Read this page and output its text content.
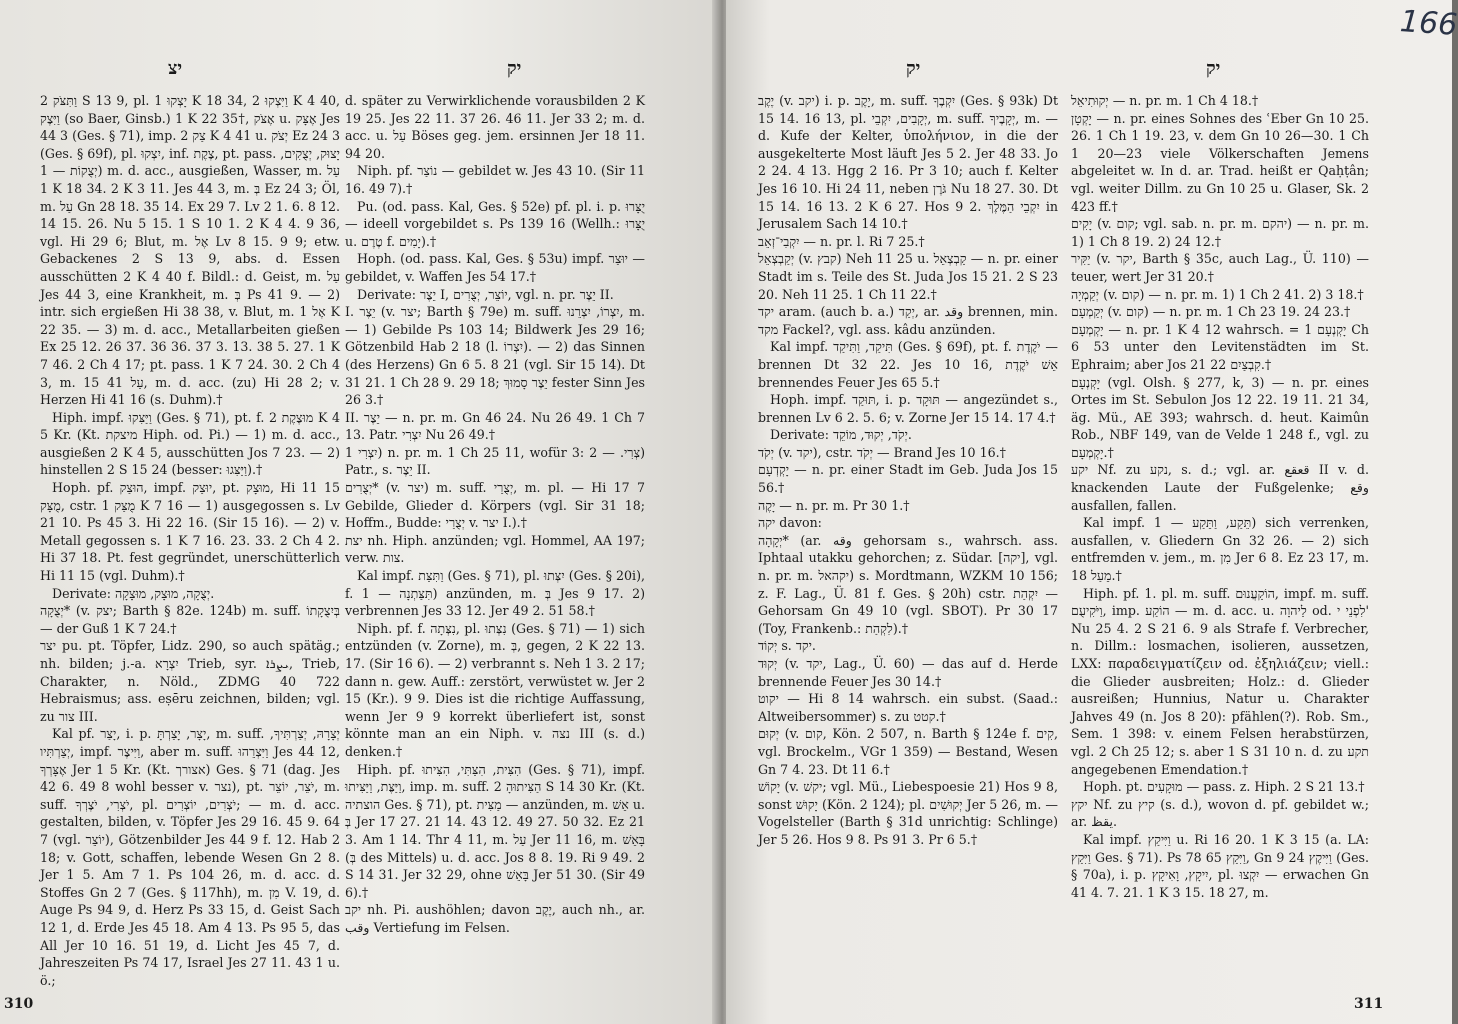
יצ	יק

וַתִּצֹּק 2 S 13 9, pl. יָצְקוּ 1 K 18 34, וַיִּצְקוּ 2 K 4 40, וַיִּצֶק (so Baer, Ginsb.) 1 K 22 35†, אֶצֹּק u. אֶצָּק Jes 44 3 (Ges. § 71), imp. צַק 2 K 4 41 u. יְצֹק Ez 24 3 (Ges. § 69f), pl. יִצְקוּ, inf. צֶקֶת, pt. pass. יָצוּק, יְצֻקִים, יְצֻקוֹת — 1) m. d. acc., ausgießen, Wasser, m. עַל 1 K 18 34. 2 K 3 11. Jes 44 3, m. בְּ Ez 24 3; Öl, m. עַל Gn 28 18. 35 14. Ex 29 7. Lv 2 1. 6. 8 12. 14 15. 26. Nu 5 15. 1 S 10 1. 2 K 4 4. 9 36, vgl. Hi 29 6; Blut, m. אֶל Lv 8 15. 9 9; etw. Gebackenes 2 S 13 9, abs. d. Essen ausschütten 2 K 4 40 f. Bildl.: d. Geist, m. עַל Jes 44 3, eine Krankheit, m. בְּ Ps 41 9. — 2) intr. sich ergießen Hi 38 38, v. Blut, m. אֶל 1 K 22 35. — 3) m. d. acc., Metallarbeiten gießen Ex 25 12. 26 37. 36 36. 37 3. 13. 38 5. 27. 1 K 7 46. 2 Ch 4 17; pt. pass. 1 K 7 24. 30. 2 Ch 4 3, m. עַל 41 15, m. d. acc. (zu) Hi 28 2; v. Herzen Hi 41 16 (s. Duhm).†

Hiph. impf. וַיַּצִּקוּ (Ges. § 71), pt. f. מוּצֶקֶת 2 K 4 5 Kr. (Kt. מיצקת Hiph. od. Pi.) — 1) m. d. acc., ausgießen 2 K 4 5, ausschütten Jos 7 23. — 2) hinstellen 2 S 15 24 (besser: וַיַּצִּגוּ).†

Hoph. pf. הוּצַק, impf. יוּצַק, pt. מוּצָק, Hi 11 15 מֻצָּק, cstr. מֻצַּק 1 K 7 16 — 1) ausgegossen s. Lv 21 10. Ps 45 3. Hi 22 16. (Sir 15 16). — 2) v. Metall gegossen s. 1 K 7 16. 23. 33. 2 Ch 4 2. Hi 37 18. Pt. fest gegründet, unerschütterlich Hi 11 15 (vgl. Duhm).†

Derivate: יְצֻקָה, מוּצָק, מוּצָקָה.

יְצֻקָה* (v. יצק; Barth § 82e. 124b) m. suff. בְּיִצֻקָתוֹ — der Guß 1 K 7 24.†

יצר pu. pt. Töpfer, Lidz. 290, so auch spätäg.; nh. bilden; j.-a. יִצְרָא Trieb, syr. ܝܨܪܐ, Trieb, Charakter, n. Nöld., ZDMG 40 722 Hebraismus; ass. eṣēru zeichnen, bilden; vgl. zu צור III.

Kal pf. יָצַר, i. p. יָצָר, יָצַרְתָּ, m. suff. יְצָרָהּ, יְצַרְתִּיךָ, יְצַרְתִּיו, impf. וַיִּיצֶר, aber m. suff. וַיִּצְרֵהוּ Jes 44 12, אֶצָּרְךָ Jer 1 5 Kr. (Kt. אצורך) Ges. § 71 (dag. Jes 42 6. 49 8 wohl besser v. נצר), pt. יֹצֵר, יוֹצֵר, m. suff. יֹצְרִי, יֹצֶרְךָ, pl. יֹצְרִים, יוֹצְרִים; — m. d. acc. gestalten, bilden, v. Töpfer Jes 29 16. 45 9. 64 7 (vgl. יוֹצֵר), Götzenbilder Jes 44 9 f. 12. Hab 2 18; v. Gott, schaffen, lebende Wesen Gn 2 8. Jer 1 5. Am 7 1. Ps 104 26, m. d. acc. d. Stoffes Gn 2 7 (Ges. § 117hh), m. מִן V. 19, d. Auge Ps 94 9, d. Herz Ps 33 15, d. Geist Sach 12 1, d. Erde Jes 45 18. Am 4 13. Ps 95 5, das All Jer 10 16. 51 19, d. Licht Jes 45 7, d. Jahreszeiten Ps 74 17, Israel Jes 27 11. 43 1 u. ö.;

d. später zu Verwirklichende vorausbilden 2 K 19 25. Jes 22 11. 37 26. 46 11. Jer 33 2; m. d. acc. u. עַל Böses geg. jem. ersinnen Jer 18 11. 94 20.

Niph. pf. נוֹצַר — gebildet w. Jes 43 10. (Sir 11 16. 49 7).†

Pu. (od. pass. Kal, Ges. § 52e) pf. pl. i. p. יֻצָּרוּ — ideell vorgebildet s. Ps 139 16 (Wellh.: יֻצָּרוּ u. טֶרֶם f. יָמִים).†

Hoph. (od. pass. Kal, Ges. § 53u) impf. יוּצַר — gebildet, v. Waffen Jes 54 17.†

Derivate: יֵצֶר I, יוֹצֵר, יְצֻרִים, vgl. n. pr. יֵצֶר II.

I. יֵצֶר (v. יצר; Barth § 79e) m. suff. יִצְרוֹ, יִצְרֵנוּ, m. — 1) Gebilde Ps 103 14; Bildwerk Jes 29 16; Götzenbild Hab 2 18 (l. יִצְרוֹ). — 2) das Sinnen (des Herzens) Gn 6 5. 8 21 (vgl. Sir 15 14). Dt 31 21. 1 Ch 28 9. 29 18; יֵצֶר סָמוּךְ fester Sinn Jes 26 3.†

II. יֵצֶר — n. pr. m. Gn 46 24. Nu 26 49. 1 Ch 7 13. Patr. יִצְרִי Nu 26 49.†

יִצְרִי 1) n. pr. m. 1 Ch 25 11, wofür 3: צְרִי. — 2) Patr., s. יֵצֶר II.

יְצֻרִים* (v. יצר) m. suff. יְצֻרַי, m. pl. — Hi 17 7 Gebilde, Glieder d. Körpers (vgl. Sir 31 18; Hoffm., Budde: יְצֻרַי v. יצר I.).†

יצת nh. Hiph. anzünden; vgl. Hommel, AA 197; verw. צות.

Kal impf. וַתִּצַּת (Ges. § 71), pl. יִצְּתוּ (Ges. § 20i), f. תִּצַּתְנָה — 1) anzünden, m. בְּ Jes 9 17. 2) verbrennen Jes 33 12. Jer 49 2. 51 58.†

Niph. pf. f. נִצְּתָה, pl. נִצְּתוּ (Ges. § 71) — 1) sich entzünden (v. Zorne), m. בְּ, gegen, 2 K 22 13. 17. (Sir 16 6). — 2) verbrannt s. Neh 1 3. 2 17; dann n. gew. Auff.: zerstört, verwüstet w. Jer 2 15 (Kr.). 9 9. Dies ist die richtige Auffassung, wenn Jer 9 9 korrekt überliefert ist, sonst könnte man an ein Niph. v. נצה III (s. d.) denken.†

Hiph. pf. הִצִּית, הִצַּתִּי, הִצִּיתוּ (Ges. § 71), impf. וַיַּצֶּת, וַיַּצִּיתוּ, imp. m. suff. הַצִּיתוּהָ 2 S 14 30 Kr. (Kt. הוצתיה Ges. § 71), pt. מַצִּית — anzünden, m. אֵשׁ u. בְּ Jer 17 27. 21 14. 43 12. 49 27. 50 32. Ez 21 3. Am 1 14. Thr 4 11, m. עַל Jer 11 16, m. בָּאֵשׁ (בְּ des Mittels) u. d. acc. Jos 8 8. 19. Ri 9 49. 2 S 14 31. Jer 32 29, ohne בָּאֵשׁ Jer 51 30. (Sir 49 6).†

יקב nh. Pi. aushöhlen; davon יֶקֶב, auch nh., ar. وقب Vertiefung im Felsen.

310
יק	יק

יֶקֶב (v. יקב) i. p. יָקֶב, m. suff. יִקְבֶךָ (Ges. § 93k) Dt 15 14. 16 13, pl. יְקָבִים, יִקְבֵי, m. suff. יְקָבֶיךָ, m. — d. Kufe der Kelter, ὑπολήνιον, in die der ausgekelterte Most läuft Jes 5 2. Jer 48 33. Jo 2 24. 4 13. Hgg 2 16. Pr 3 10; auch f. Kelter Jes 16 10. Hi 24 11, neben גֹּרֶן Nu 18 27. 30. Dt 15 14. 16 13. 2 K 6 27. Hos 9 2. יִקְבֵי הַמֶּלֶךְ in Jerusalem Sach 14 10.†

יִקְבִי־זְאֵב — n. pr. l. Ri 7 25.†

יְקַבְצְאֵל (v. קבץ) Neh 11 25 u. קַבְצְאֵל — n. pr. einer Stadt im s. Teile des St. Juda Jos 15 21. 2 S 23 20. Neh 11 25. 1 Ch 11 22.†

יקד aram. (auch b. a.) יְקַד, ar. وقد brennen, min. מקד Fackel?, vgl. ass. kâdu anzünden.

Kal impf. תִּיקַד, וַתִּיקַד (Ges. § 69f), pt. f. יֹקֶדֶת — brennen Dt 32 22. Jes 10 16, אֵשׁ יֹקֶדֶת brennendes Feuer Jes 65 5.†

Hoph. impf. תּוּקַד, i. p. תּוּקָד — angezündet s., brennen Lv 6 2. 5. 6; v. Zorne Jer 15 14. 17 4.†

Derivate: יְקֹד, יְקוּד, מוֹקֵד.

יְקֹד (v. יקד), cstr. יְקֹד — Brand Jes 10 16.†

יָקְדְעָם — n. pr. einer Stadt im Geb. Juda Jos 15 56.†

יָקֶה — n. pr. m. Pr 30 1.†

יקה davon:

יְקָהָה* (ar. وقه gehorsam s., wahrsch. ass. Iphtaal utakku gehorchen; z. Südar. [יקה], vgl. n. pr. m. יקהאל) s. Mordtmann, WZKM 10 156; z. F. Lag., Ü. 81 f. Ges. § 20h) cstr. יִקְהַת — Gehorsam Gn 49 10 (vgl. SBOT). Pr 30 17 (Toy, Frankenb.: לִקְהַת).†

יְקוֹד s. יקד.

יְקוּד (v. יקד, Lag., Ü. 60) — das auf d. Herde brennende Feuer Jes 30 14.†

יקוט — Hi 8 14 wahrsch. ein subst. (Saad.: Altweibersommer) s. zu קטט.†

יְקוּם (v. קום, Kön. 2 507, n. Barth § 124e f. קִים, vgl. Brockelm., VGr 1 359) — Bestand, Wesen Gn 7 4. 23. Dt 11 6.†

יָקוֹשׁ (v. יקשׁ; vgl. Mü., Liebespoesie 21) Hos 9 8, sonst יָקוּשׁ (Kön. 2 124); pl. יְקוּשִׁים Jer 5 26, m. — Vogelsteller (Barth § 31d unrichtig: Schlinge) Jer 5 26. Hos 9 8. Ps 91 3. Pr 6 5.†

יְקוּתִיאֵל — n. pr. m. 1 Ch 4 18.†

יָקְטָן — n. pr. eines Sohnes des ʿEber Gn 10 25. 26. 1 Ch 1 19. 23, v. dem Gn 10 26—30. 1 Ch 1 20—23 viele Völkerschaften Jemens abgeleitet w. In d. ar. Trad. heißt er Qaḥṭân; vgl. weiter Dillm. zu Gn 10 25 u. Glaser, Sk. 2 423 ff.†

יָקִים (v. קום; vgl. sab. n. pr. m. יהקם) — n. pr. m. 1) 1 Ch 8 19. 2) 24 12.†

יַקִּיר (v. יקר, Barth § 35c, auch Lag., Ü. 110) — teuer, wert Jer 31 20.†

יְקַמְיָה (v. קום) — n. pr. m. 1) 1 Ch 2 41. 2) 3 18.†

יְקַמְעָם (v. קום) — n. pr. m. 1 Ch 23 19. 24 23.†

יָקְמְעָם — n. pr. 1 K 4 12 wahrsch. = יָקְנְעָם 1 Ch 6 53 unter den Levitenstädten im St. Ephraim; aber Jos 21 22 קִבְצַיִם.†

יָקְנְעָם (vgl. Olsh. § 277, k, 3) — n. pr. eines Ortes im St. Sebulon Jos 12 22. 19 11. 21 34, äg. Mü., AE 393; wahrsch. d. heut. Kaimûn Rob., NBF 149, van de Velde 1 248 f., vgl. zu יָקְמְעָם.†

יקע Nf. zu נקע, s. d.; vgl. ar. قعقع II v. d. knackenden Laute der Fußgelenke; وقع ausfallen, fallen.

Kal impf. תֵּקַע, וַתֵּקַע — 1) sich verrenken, ausfallen, v. Gliedern Gn 32 26. — 2) sich entfremden v. jem., m. מִן Jer 6 8. Ez 23 17, m. מֵעַל 18.†

Hiph. pf. 1. pl. m. suff. הוֹקַעֲנוּם, impf. m. suff. וַיֹּקִיעֻם, imp. הוֹקַע — m. d. acc. u. לַיהוָה od. לִפְנֵי י' Nu 25 4. 2 S 21 6. 9 als Strafe f. Verbrecher, n. Dillm.: losmachen, isolieren, aussetzen, LXX: παραδειγματίζειν od. ἐξηλιάζειν; viell.: die Glieder ausbreiten; Holz.: d. Glieder ausreißen; Hunnius, Natur u. Charakter Jahves 49 (n. Jos 8 20): pfählen(?). Rob. Sm., Sem. 1 398: v. einem Felsen herabstürzen, vgl. 2 Ch 25 12; s. aber 1 S 31 10 n. d. zu תקע angegebenen Emendation.†

Hoph. pt. מוּקָעִים — pass. z. Hiph. 2 S 21 13.†

יקץ Nf. zu קיץ (s. d.), wovon d. pf. gebildet w.; ar. يقظ.

Kal impf. וַיִּיקַץ u. Ri 16 20. 1 K 3 15 (a. LA: וַיִּקַץ Ges. § 71). Ps 78 65 וַיִּקַץ, Gn 9 24 וַיִּיקֶץ (Ges. § 70a), i. p. יִיקָץ, וָאִיקָץ, pl. יִקְצוּ — erwachen Gn 41 4. 7. 21. 1 K 3 15. 18 27, m.

311
166
